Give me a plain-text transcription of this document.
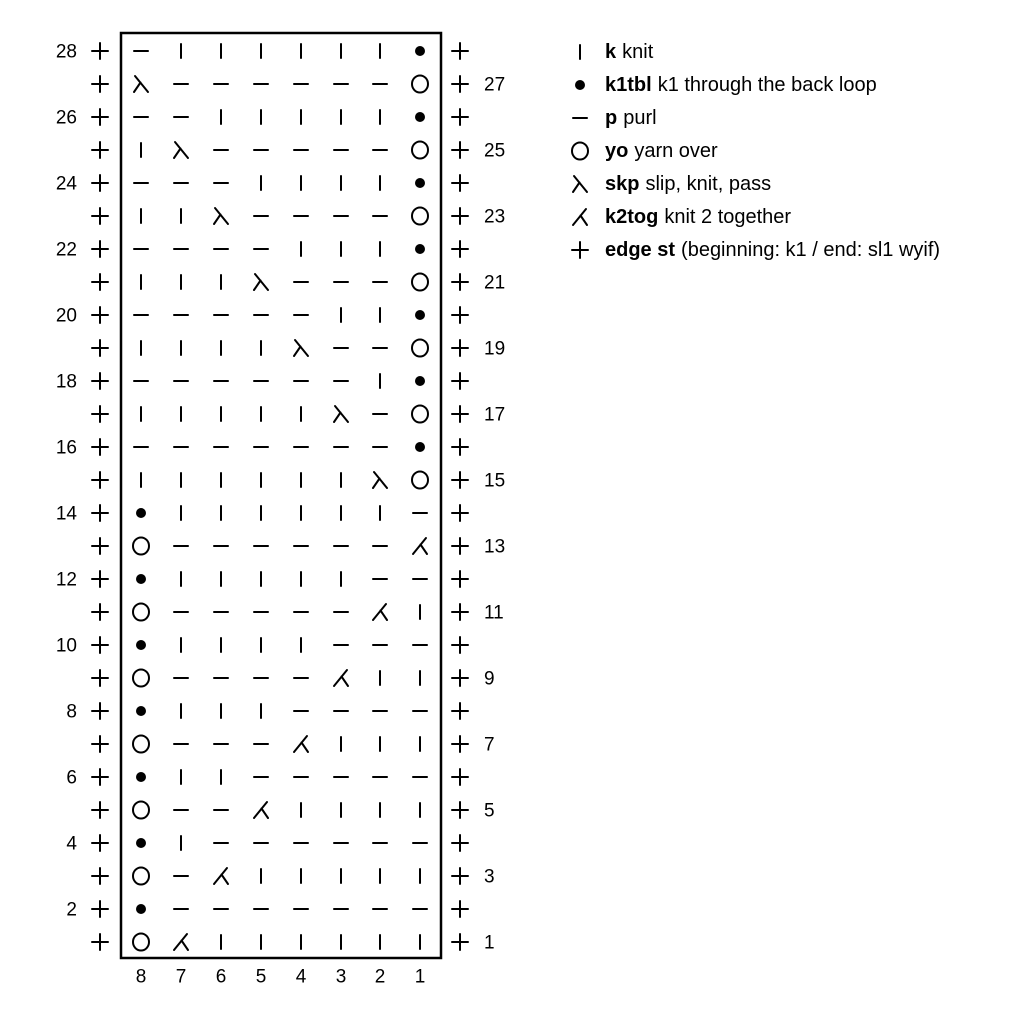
28
27
26
25
24
23
22
21
20
19
18
17
16
15
14
13
12
11
10
9
8
7
6
5
4
3
2
1
8 7 6 5 4 3 2 1
k knit
k1tbl k1 through the back loop
p purl
yo yarn over
skp slip, knit, pass
k2tog knit 2 together
edge st (beginning: k1 / end: sl1 wyif)
